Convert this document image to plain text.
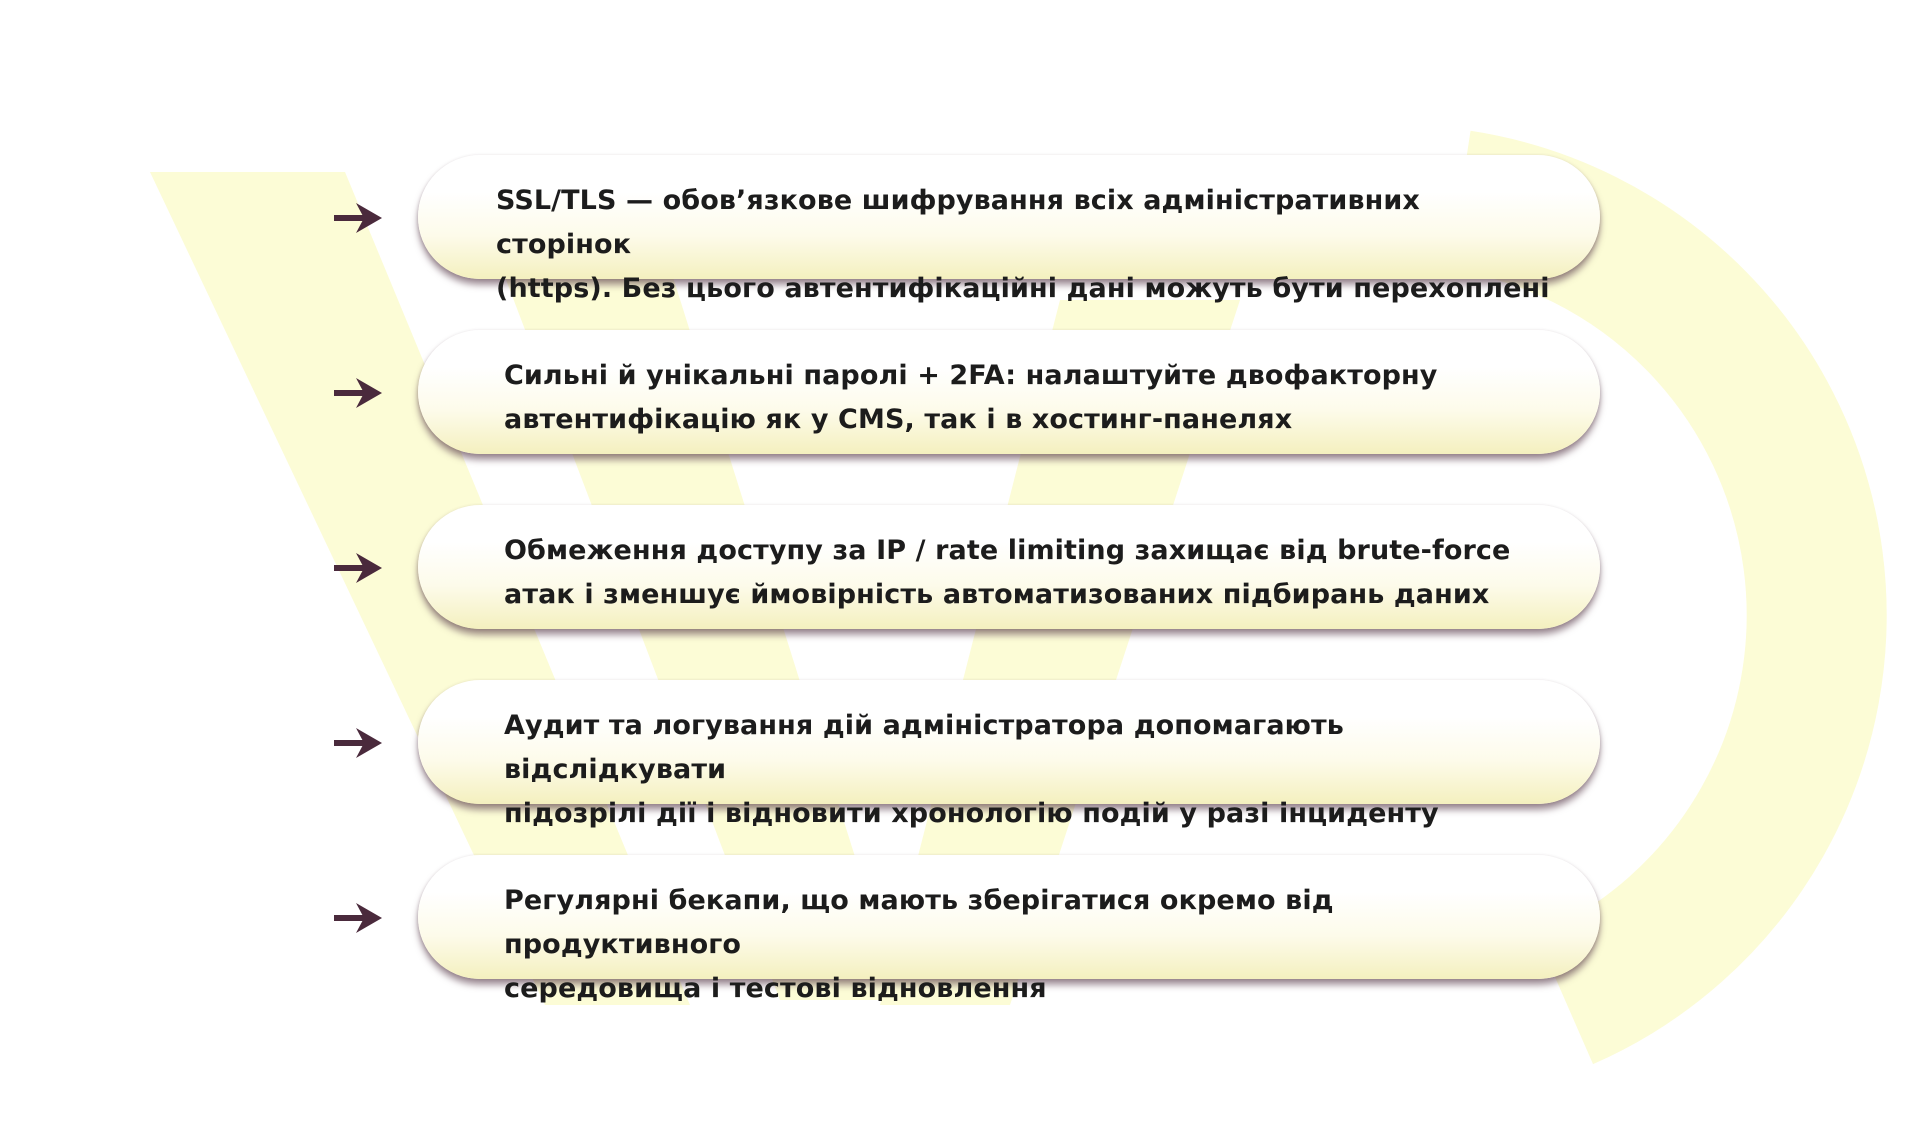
SSL/TLS — обов’язкове шифрування всіх адміністративних сторінок
(https). Без цього автентифікаційні дані можуть бути перехоплені

Сильні й унікальні паролі + 2FA: налаштуйте двофакторну
автентифікацію як у CMS, так і в хостинг-панелях

Обмеження доступу за IP / rate limiting захищає від brute-force
атак і зменшує ймовірність автоматизованих підбирань даних

Аудит та логування дій адміністратора допомагають відслідкувати
підозрілі дії і відновити хронологію подій у разі інциденту

Регулярні бекапи, що мають зберігатися окремо від продуктивного
середовища і тестові відновлення
